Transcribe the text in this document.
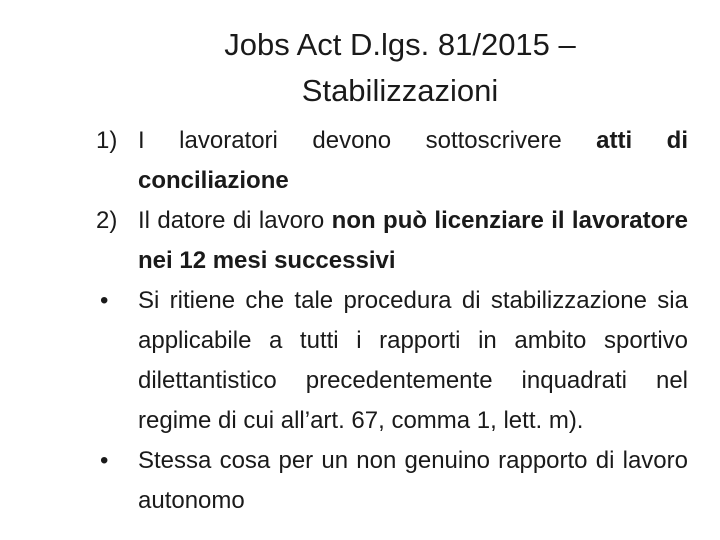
Jobs Act D.lgs. 81/2015 –
Stabilizzazioni

1) I lavoratori devono sottoscrivere atti di conciliazione

2) Il datore di lavoro non può licenziare il lavoratore nei 12 mesi successivi

• Si ritiene che tale procedura di stabilizzazione sia applicabile a tutti i rapporti in ambito sportivo dilettantistico precedentemente inquadrati nel regime di cui all’art. 67, comma 1, lett. m).

• Stessa cosa per un non genuino rapporto di lavoro autonomo
